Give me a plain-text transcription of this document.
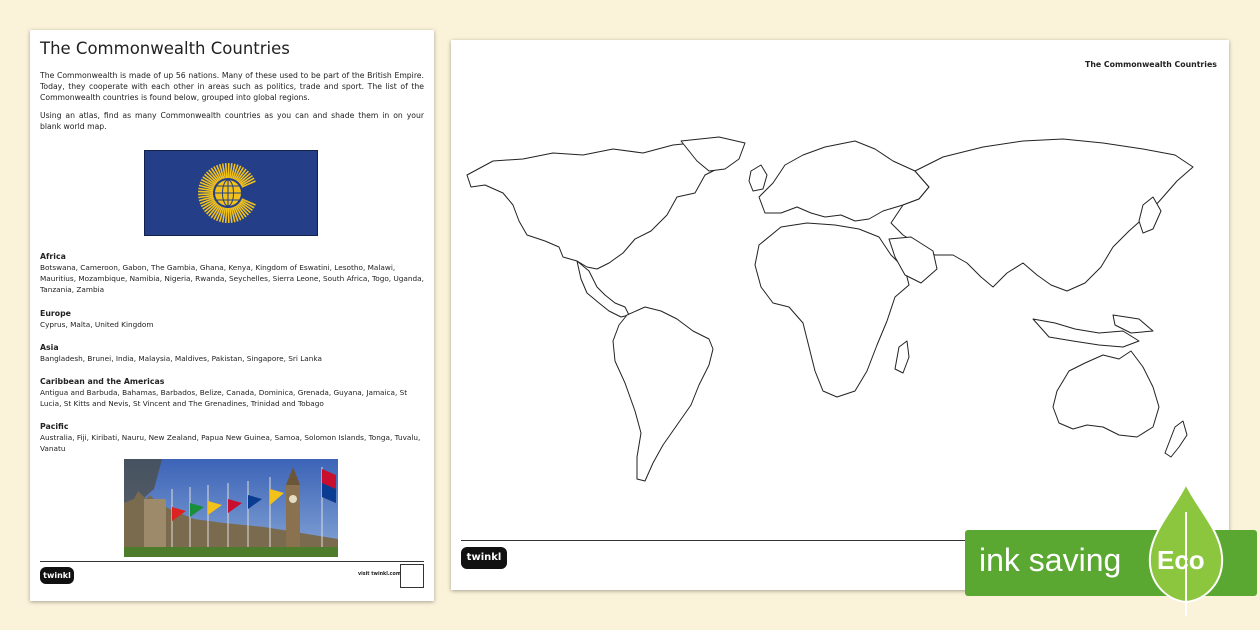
The Commonwealth Countries
The Commonwealth is made of up 56 nations. Many of these used to be part of the British Empire. Today, they cooperate with each other in areas such as politics, trade and sport. The list of the Commonwealth countries is found below, grouped into global regions.
Using an atlas, find as many Commonwealth countries as you can and shade them in on your blank world map.
Africa

Botswana, Cameroon, Gabon, The Gambia, Ghana, Kenya, Kingdom of Eswatini, Lesotho, Malawi, Mauritius, Mozambique, Namibia, Nigeria, Rwanda, Seychelles, Sierra Leone, South Africa, Togo, Uganda, Tanzania, Zambia

Europe

Cyprus, Malta, United Kingdom

Asia

Bangladesh, Brunei, India, Malaysia, Maldives, Pakistan, Singapore, Sri Lanka

Caribbean and the Americas

Antigua and Barbuda, Bahamas, Barbados, Belize, Canada, Dominica, Grenada, Guyana, Jamaica, St Lucia, St Kitts and Nevis, St Vincent and The Grenadines, Trinidad and Tobago

Pacific

Australia, Fiji, Kiribati, Nauru, New Zealand, Papua New Guinea, Samoa, Solomon Islands, Tonga, Tuvalu, Vanatu

twinkl	visit twinkl.com
The Commonwealth Countries
twinkl	ink saving Eco
